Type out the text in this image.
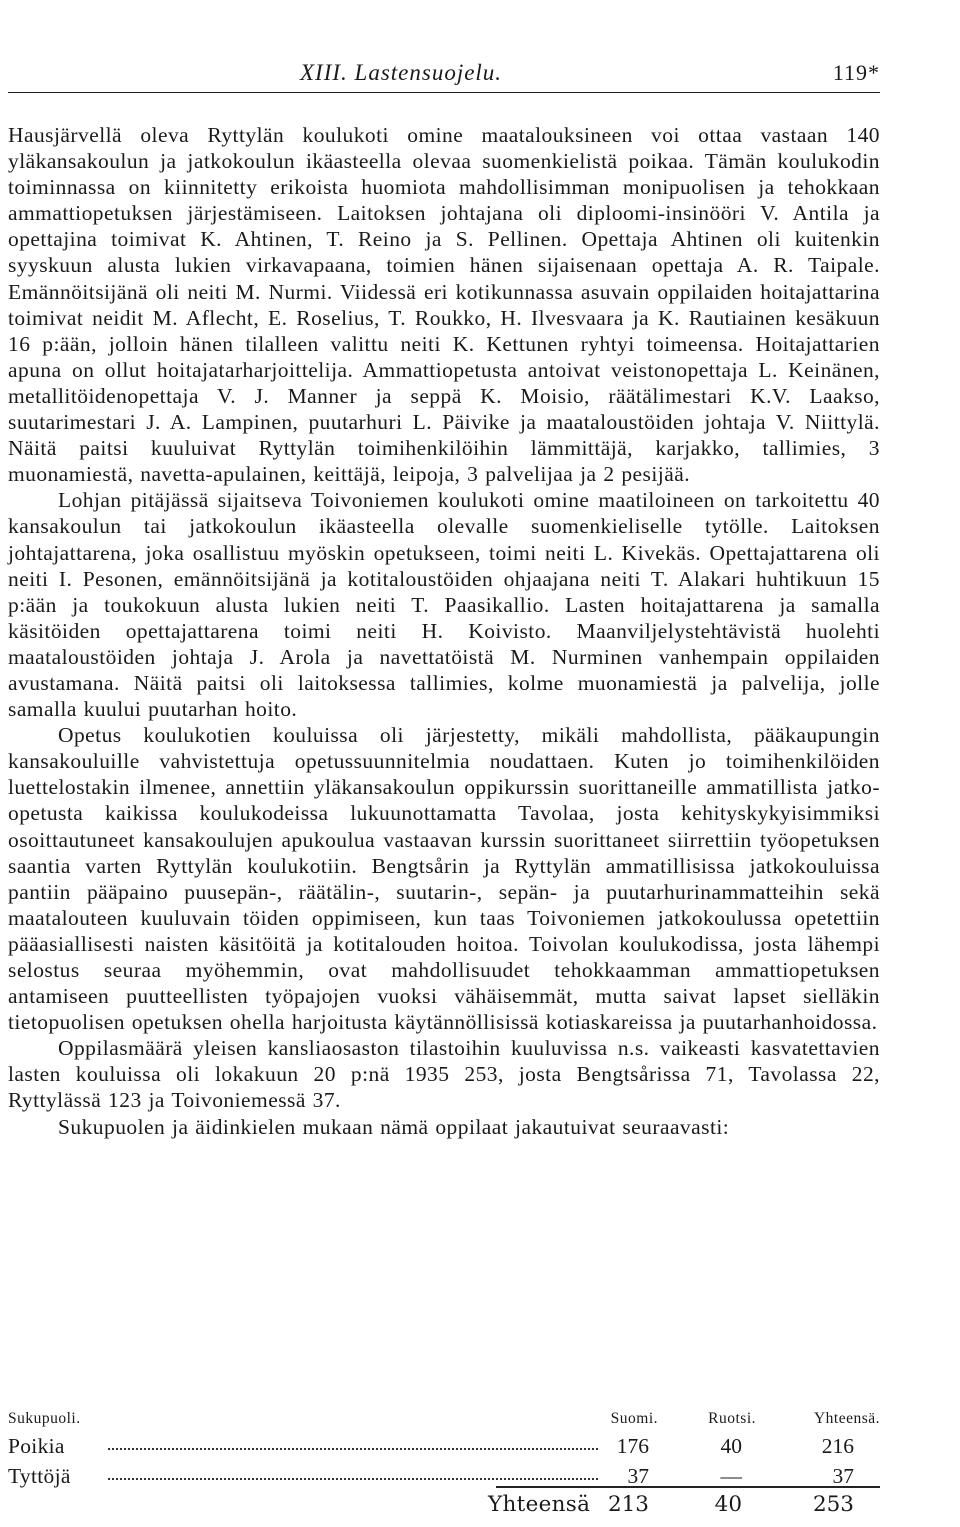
XIII. Lastensuojelu.	119*

Hausjärvellä oleva Ryttylän koulukoti omine maatalouksineen voi ottaa vastaan 140 yläkansakoulun ja jatkokoulun ikäasteella olevaa suomenkielistä poikaa. Tämän koulukodin toiminnassa on kiinnitetty erikoista huomiota mahdollisimman monipuolisen ja tehokkaan ammattiopetuksen järjestämiseen. Laitoksen johtajana oli diploomi-insinööri V. Antila ja opettajina toimivat K. Ahtinen, T. Reino ja S. Pellinen. Opettaja Ahtinen oli kuitenkin syyskuun alusta lukien virkavapaana, toimien hänen sijaisenaan opettaja A. R. Taipale. Emännöitsijänä oli neiti M. Nurmi. Viidessä eri kotikunnassa asuvain oppilaiden hoitajattarina toimivat neidit M. Aflecht, E. Roselius, T. Roukko, H. Ilvesvaara ja K. Rautiainen kesäkuun 16 p:ään, jolloin hänen tilalleen valittu neiti K. Kettunen ryhtyi toimeensa. Hoitajattarien apuna on ollut hoitajatarharjoittelija. Ammattiopetusta antoivat veistonopettaja L. Keinänen, metallitöidenopettaja V. J. Manner ja seppä K. Moisio, räätälimestari K.V. Laakso, suutarimestari J. A. Lampinen, puutarhuri L. Päivike ja maataloustöiden johtaja V. Niittylä. Näitä paitsi kuuluivat Ryttylän toimihenkilöihin lämmittäjä, karjakko, tallimies, 3 muonamiestä, navetta-apulainen, keittäjä, leipoja, 3 palvelijaa ja 2 pesijää.

Lohjan pitäjässä sijaitseva Toivoniemen koulukoti omine maatiloineen on tarkoitettu 40 kansakoulun tai jatkokoulun ikäasteella olevalle suomenkieliselle tytölle. Laitoksen johtajattarena, joka osallistuu myöskin opetukseen, toimi neiti L. Kivekäs. Opettajattarena oli neiti I. Pesonen, emännöitsijänä ja kotitaloustöiden ohjaajana neiti T. Alakari huhtikuun 15 p:ään ja toukokuun alusta lukien neiti T. Paasikallio. Lasten hoitajattarena ja samalla käsitöiden opettajattarena toimi neiti H. Koivisto. Maanviljelystehtävistä huolehti maataloustöiden johtaja J. Arola ja navettatöistä M. Nurminen vanhempain oppilaiden avustamana. Näitä paitsi oli laitoksessa tallimies, kolme muonamiestä ja palvelija, jolle samalla kuului puutarhan hoito.

Opetus koulukotien kouluissa oli järjestetty, mikäli mahdollista, pääkaupungin kansakouluille vahvistettuja opetussuunnitelmia noudattaen. Kuten jo toimihenkilöiden luettelostakin ilmenee, annettiin yläkansakoulun oppikurssin suorittaneille ammatillista jatko-opetusta kaikissa koulukodeissa lukuunottamatta Tavolaa, josta kehityskykyisimmiksi osoittautuneet kansakoulujen apukoulua vastaavan kurssin suorittaneet siirrettiin työopetuksen saantia varten Ryttylän koulukotiin. Bengtsårin ja Ryttylän ammatillisissa jatkokouluissa pantiin pääpaino puusepän-, räätälin-, suutarin-, sepän- ja puutarhurinammatteihin sekä maatalouteen kuuluvain töiden oppimiseen, kun taas Toivoniemen jatkokoulussa opetettiin pääasiallisesti naisten käsitöitä ja kotitalouden hoitoa. Toivolan koulukodissa, josta lähempi selostus seuraa myöhemmin, ovat mahdollisuudet tehokkaamman ammattiopetuksen antamiseen puutteellisten työpajojen vuoksi vähäisemmät, mutta saivat lapset sielläkin tietopuolisen opetuksen ohella harjoitusta käytännöllisissä kotiaskareissa ja puutarhanhoidossa.

Oppilasmäärä yleisen kansliaosaston tilastoihin kuuluvissa n.s. vaikeasti kasvatettavien lasten kouluissa oli lokakuun 20 p:nä 1935 253, josta Bengtsårissa 71, Tavolassa 22, Ryttylässä 123 ja Toivoniemessä 37.

Sukupuolen ja äidinkielen mukaan nämä oppilaat jakautuivat seuraavasti:

Sukupuoli.	Suomi.	Ruotsi.	Yhteensä.
Poikia	176	40	216
Tyttöjä	37	—	37
Yhteensä 213	40	253
